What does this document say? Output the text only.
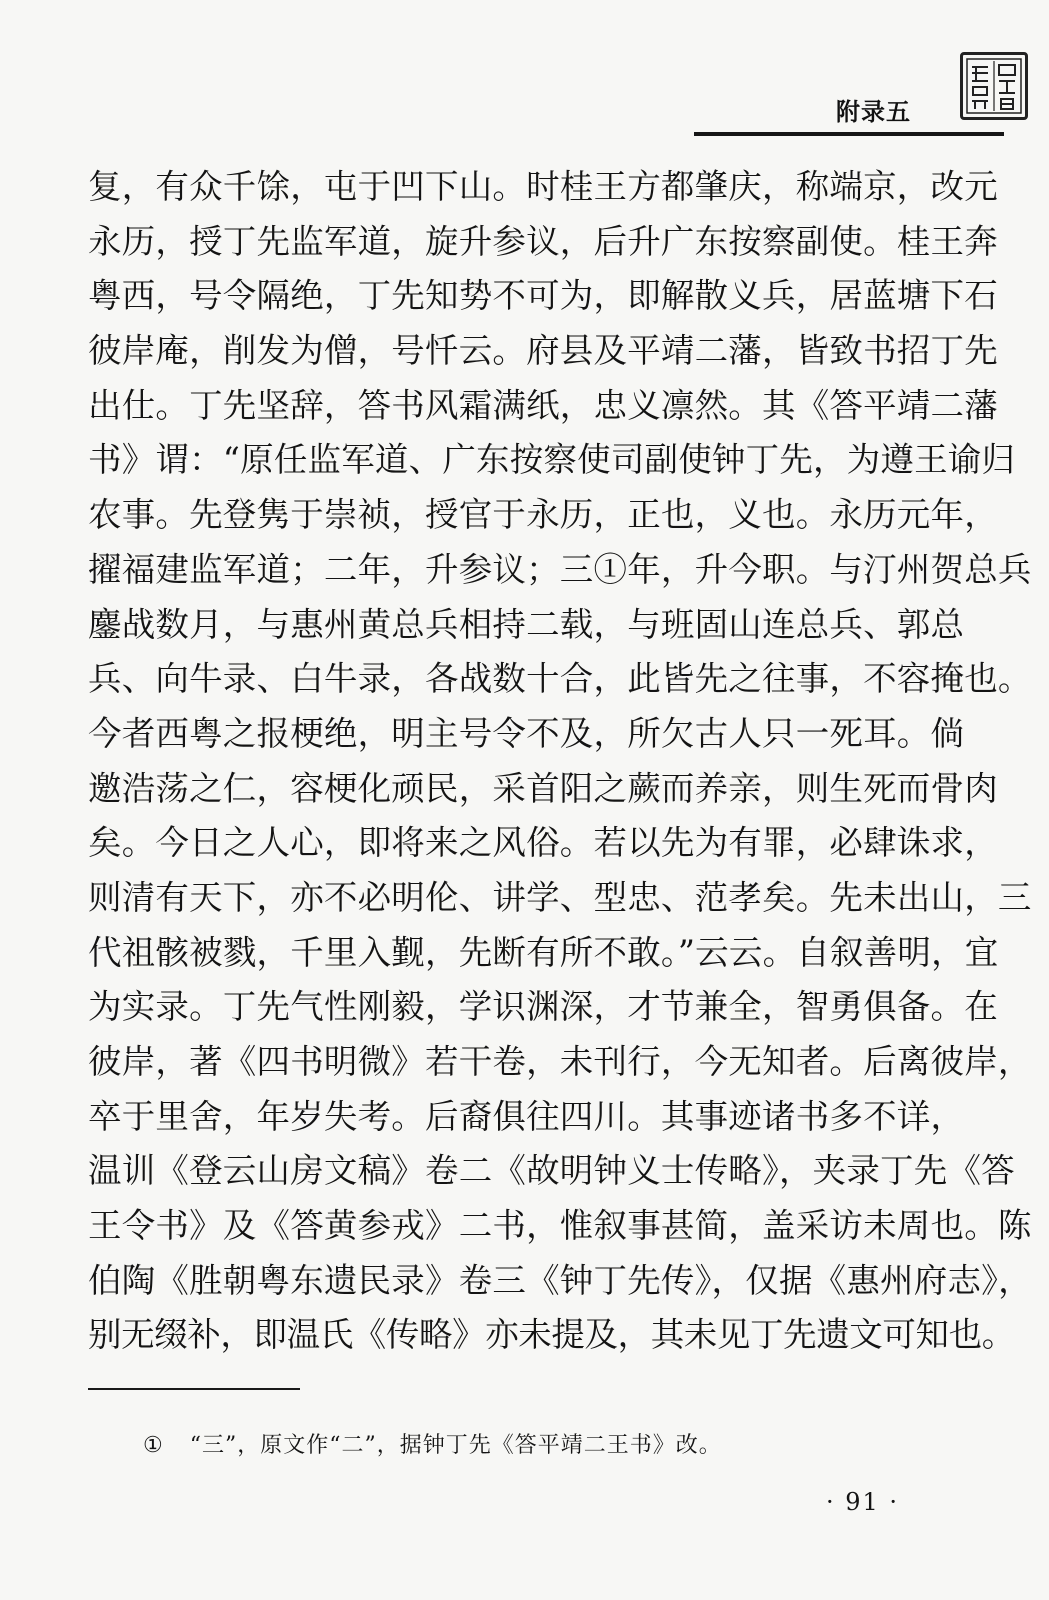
附录五
复，有众千馀，屯于凹下山。时桂王方都肇庆，称端京，改元
永历，授丁先监军道，旋升参议，后升广东按察副使。桂王奔
粤西，号令隔绝，丁先知势不可为，即解散义兵，居蓝塘下石
彼岸庵，削发为僧，号忏云。府县及平靖二藩，皆致书招丁先
出仕。丁先坚辞，答书风霜满纸，忠义凛然。其《答平靖二藩
书》谓：“原任监军道、广东按察使司副使钟丁先，为遵王谕归
农事。先登隽于崇祯，授官于永历，正也，义也。永历元年，
擢福建监军道；二年，升参议；三①年，升今职。与汀州贺总兵
鏖战数月，与惠州黄总兵相持二载，与班固山连总兵、郭总
兵、向牛录、白牛录，各战数十合，此皆先之往事，不容掩也。
今者西粤之报梗绝，明主号令不及，所欠古人只一死耳。倘
邀浩荡之仁，容梗化顽民，采首阳之蕨而养亲，则生死而骨肉
矣。今日之人心，即将来之风俗。若以先为有罪，必肆诛求，
则清有天下，亦不必明伦、讲学、型忠、范孝矣。先未出山，三
代祖骸被戮，千里入觐，先断有所不敢。”云云。自叙善明，宜
为实录。丁先气性刚毅，学识渊深，才节兼全，智勇俱备。在
彼岸，著《四书明微》若干卷，未刊行，今无知者。后离彼岸，
卒于里舍，年岁失考。后裔俱往四川。其事迹诸书多不详，
温训《登云山房文稿》卷二《故明钟义士传略》，夹录丁先《答
王令书》及《答黄参戎》二书，惟叙事甚简，盖采访未周也。陈
伯陶《胜朝粤东遗民录》卷三《钟丁先传》，仅据《惠州府志》，
别无缀补，即温氏《传略》亦未提及，其未见丁先遗文可知也。
① “三”，原文作“二”，据钟丁先《答平靖二王书》改。
· 91 ·
